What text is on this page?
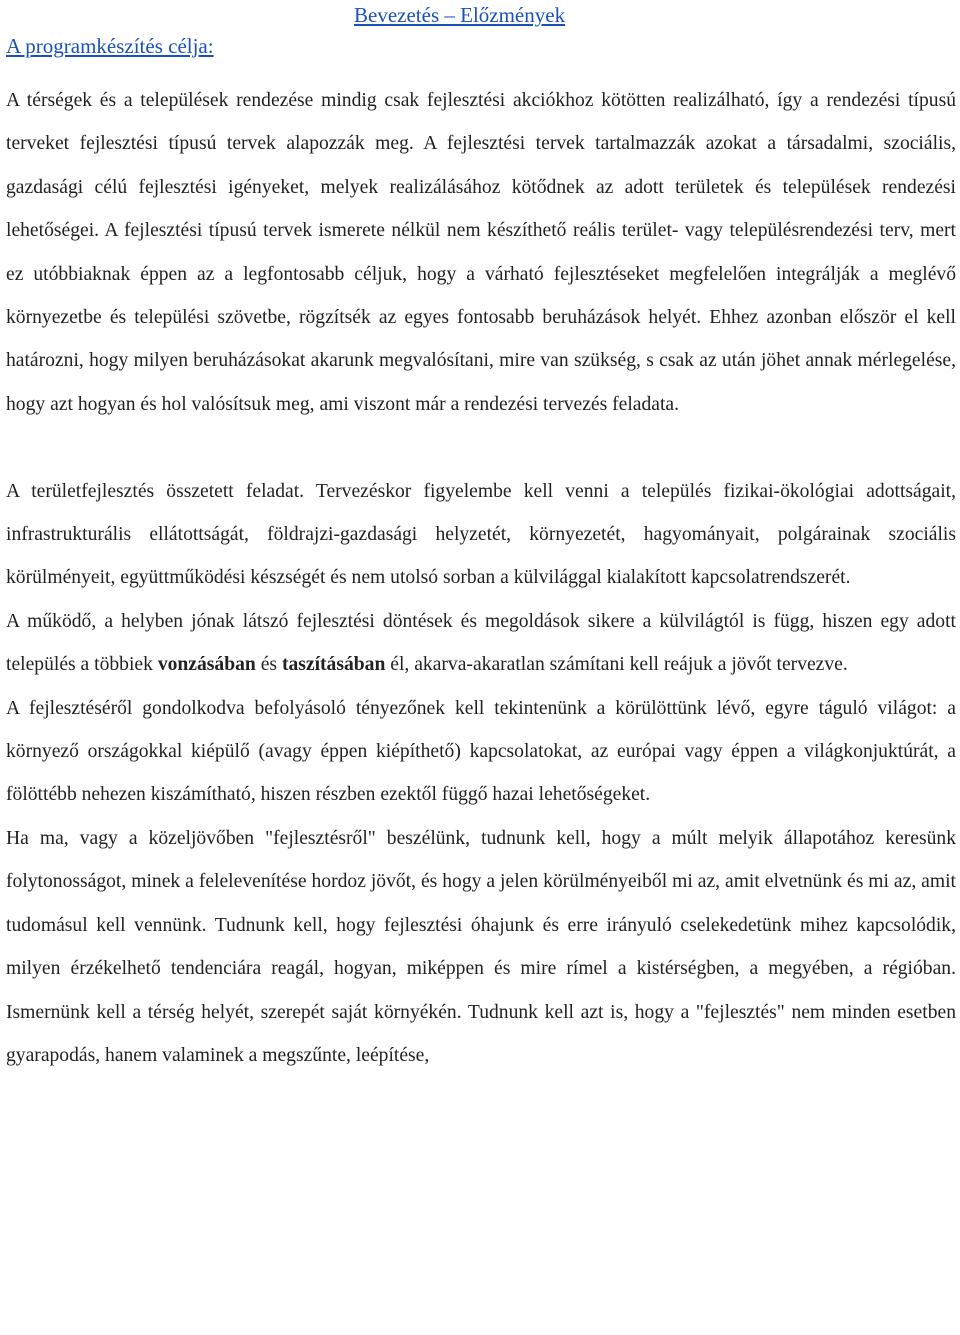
Bevezetés – Előzmények
A programkészítés célja:

A térségek és a települések rendezése mindig csak fejlesztési akciókhoz kötötten realizálható, így a rendezési típusú terveket fejlesztési típusú tervek alapozzák meg. A fejlesztési tervek tartalmazzák azokat a társadalmi, szociális, gazdasági célú fejlesztési igényeket, melyek realizálásához kötődnek az adott területek és települések rendezési lehetőségei. A fejlesztési típusú tervek ismerete nélkül nem készíthető reális terület- vagy településrendezési terv, mert ez utóbbiaknak éppen az a legfontosabb céljuk, hogy a várható fejlesztéseket megfelelően integrálják a meglévő környezetbe és települési szövetbe, rögzítsék az egyes fontosabb beruházások helyét. Ehhez azonban először el kell határozni, hogy milyen beruházásokat akarunk megvalósítani, mire van szükség, s csak az után jöhet annak mérlegelése, hogy azt hogyan és hol valósítsuk meg, ami viszont már a rendezési tervezés feladata.

A területfejlesztés összetett feladat. Tervezéskor figyelembe kell venni a település fizikai-ökológiai adottságait, infrastrukturális ellátottságát, földrajzi-gazdasági helyzetét, környezetét, hagyományait, polgárainak szociális körülményeit, együttműködési készségét és nem utolsó sorban a külvilággal kialakított kapcsolatrendszerét.

A működő, a helyben jónak látszó fejlesztési döntések és megoldások sikere a külvilágtól is függ, hiszen egy adott település a többiek vonzásában és taszításában él, akarva-akaratlan számítani kell reájuk a jövőt tervezve.

A fejlesztéséről gondolkodva befolyásoló tényezőnek kell tekintenünk a körülöttünk lévő, egyre táguló világot: a környező országokkal kiépülő (avagy éppen kiépíthető) kapcsolatokat, az európai vagy éppen a világkonjuktúrát, a fölöttébb nehezen kiszámítható, hiszen részben ezektől függő hazai lehetőségeket.

Ha ma, vagy a közeljövőben "fejlesztésről" beszélünk, tudnunk kell, hogy a múlt melyik állapotához keresünk folytonosságot, minek a felelevenítése hordoz jövőt, és hogy a jelen körülményeiből mi az, amit elvetnünk és mi az, amit tudomásul kell vennünk. Tudnunk kell, hogy fejlesztési óhajunk és erre irányuló cselekedetünk mihez kapcsolódik, milyen érzékelhető tendenciára reagál, hogyan, miképpen és mire rímel a kistérségben, a megyében, a régióban. Ismernünk kell a térség helyét, szerepét saját környékén. Tudnunk kell azt is, hogy a "fejlesztés" nem minden esetben gyarapodás, hanem valaminek a megszűnte, leépítése,
